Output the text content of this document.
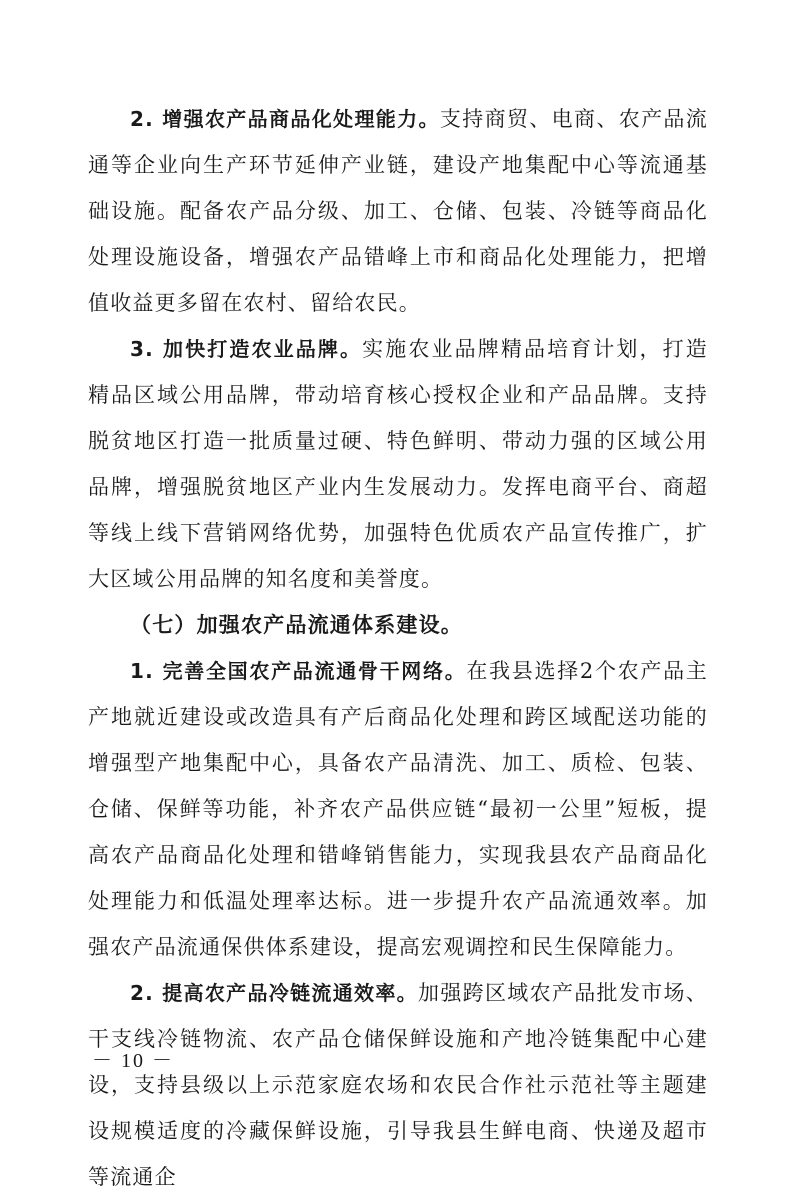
2. 增强农产品商品化处理能力。支持商贸、电商、农产品流通等企业向生产环节延伸产业链，建设产地集配中心等流通基础设施。配备农产品分级、加工、仓储、包装、冷链等商品化处理设施设备，增强农产品错峰上市和商品化处理能力，把增值收益更多留在农村、留给农民。

3. 加快打造农业品牌。实施农业品牌精品培育计划，打造精品区域公用品牌，带动培育核心授权企业和产品品牌。支持脱贫地区打造一批质量过硬、特色鲜明、带动力强的区域公用品牌，增强脱贫地区产业内生发展动力。发挥电商平台、商超等线上线下营销网络优势，加强特色优质农产品宣传推广，扩大区域公用品牌的知名度和美誉度。

（七）加强农产品流通体系建设。

1. 完善全国农产品流通骨干网络。在我县选择2个农产品主产地就近建设或改造具有产后商品化处理和跨区域配送功能的增强型产地集配中心，具备农产品清洗、加工、质检、包装、仓储、保鲜等功能，补齐农产品供应链“最初一公里”短板，提高农产品商品化处理和错峰销售能力，实现我县农产品商品化处理能力和低温处理率达标。进一步提升农产品流通效率。加强农产品流通保供体系建设，提高宏观调控和民生保障能力。

2. 提高农产品冷链流通效率。加强跨区域农产品批发市场、干支线冷链物流、农产品仓储保鲜设施和产地冷链集配中心建设，支持县级以上示范家庭农场和农民合作社示范社等主题建设规模适度的冷藏保鲜设施，引导我县生鲜电商、快递及超市等流通企

－ 10 －
